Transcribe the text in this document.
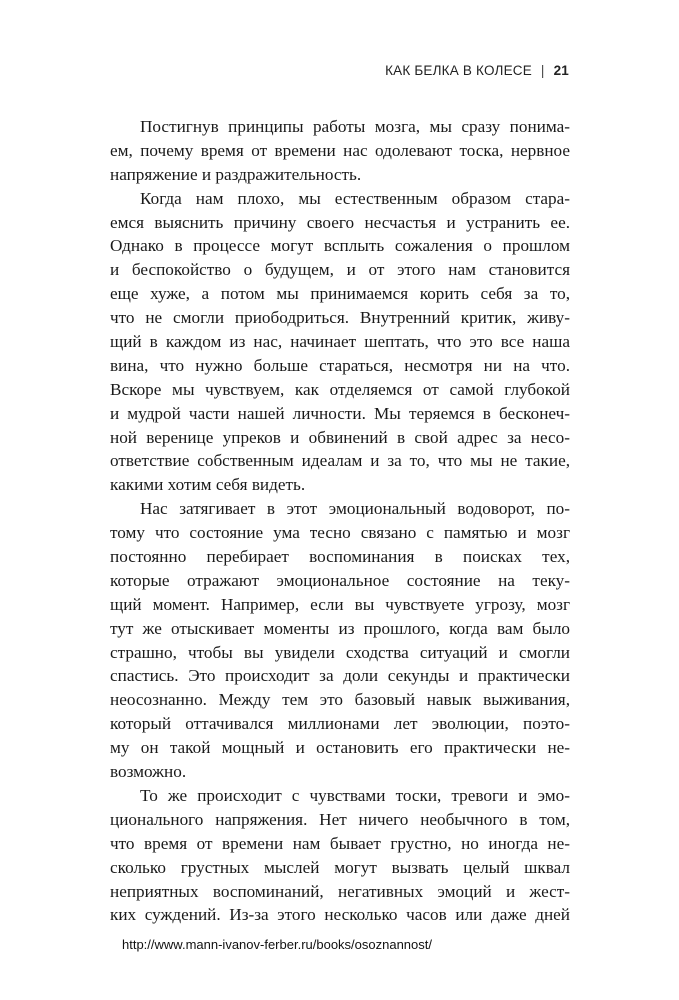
КАК БЕЛКА В КОЛЕСЕ | 21
Постигнув принципы работы мозга, мы сразу понима-
ем, почему время от времени нас одолевают тоска, нервное
напряжение и раздражительность.
Когда нам плохо, мы естественным образом стара-
емся выяснить причину своего несчастья и устранить ее.
Однако в процессе могут всплыть сожаления о прошлом
и беспокойство о будущем, и от этого нам становится
еще хуже, а потом мы принимаемся корить себя за то,
что не смогли приободриться. Внутренний критик, живу-
щий в каждом из нас, начинает шептать, что это все наша
вина, что нужно больше стараться, несмотря ни на что.
Вскоре мы чувствуем, как отделяемся от самой глубокой
и мудрой части нашей личности. Мы теряемся в бесконеч-
ной веренице упреков и обвинений в свой адрес за несо-
ответствие собственным идеалам и за то, что мы не такие,
какими хотим себя видеть.
Нас затягивает в этот эмоциональный водоворот, по-
тому что состояние ума тесно связано с памятью и мозг
постоянно перебирает воспоминания в поисках тех,
которые отражают эмоциональное состояние на теку-
щий момент. Например, если вы чувствуете угрозу, мозг
тут же отыскивает моменты из прошлого, когда вам было
страшно, чтобы вы увидели сходства ситуаций и смогли
спастись. Это происходит за доли секунды и практически
неосознанно. Между тем это базовый навык выживания,
который оттачивался миллионами лет эволюции, поэто-
му он такой мощный и остановить его практически не-
возможно.
То же происходит с чувствами тоски, тревоги и эмо-
ционального напряжения. Нет ничего необычного в том,
что время от времени нам бывает грустно, но иногда не-
сколько грустных мыслей могут вызвать целый шквал
неприятных воспоминаний, негативных эмоций и жест-
ких суждений. Из-за этого несколько часов или даже дней
http://www.mann-ivanov-ferber.ru/books/osoznannost/
